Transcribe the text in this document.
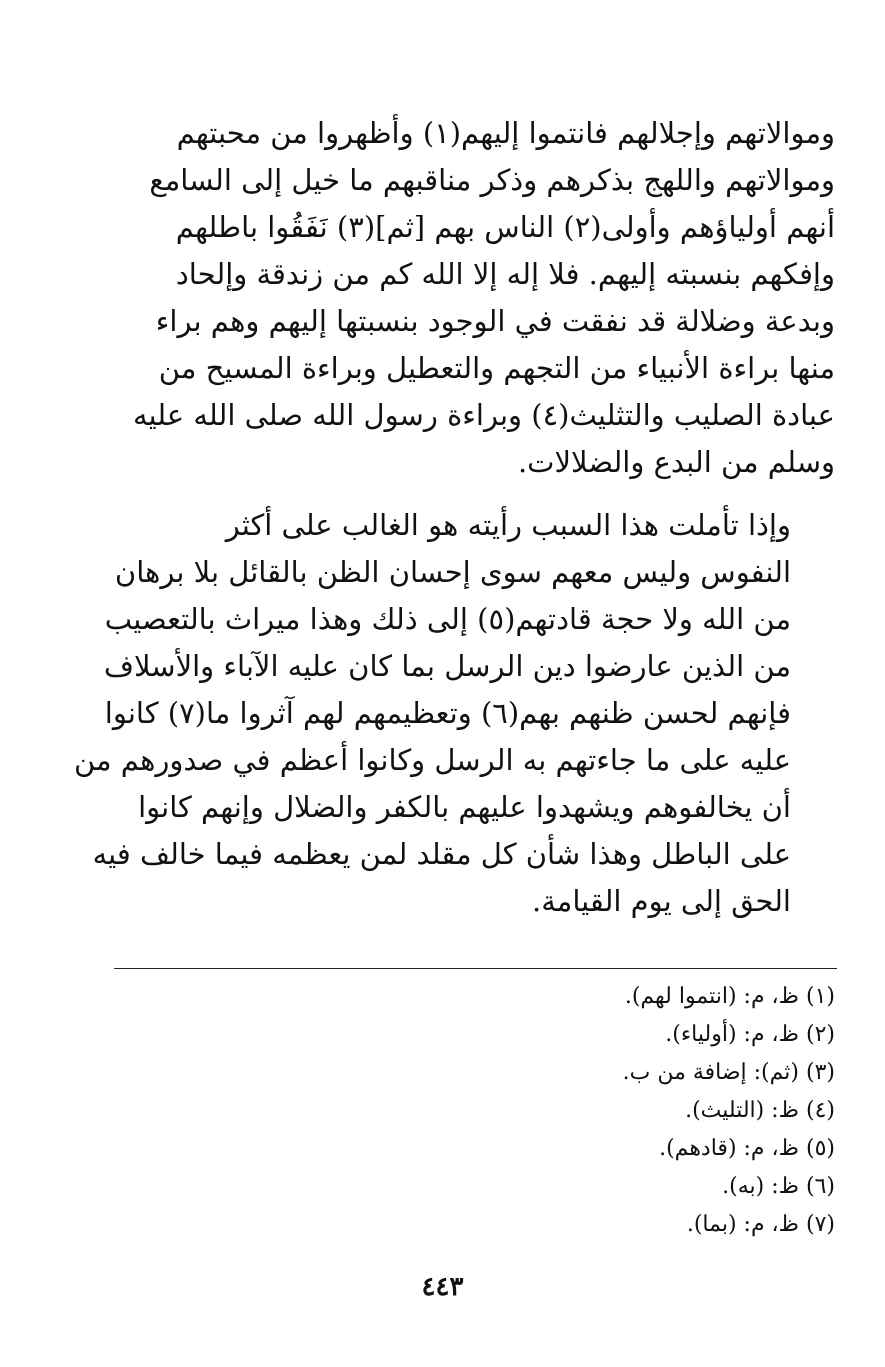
وموالاتهم وإجلالهم فانتموا إليهم(١) وأظهروا من محبتهم
وموالاتهم واللهج بذكرهم وذكر مناقبهم ما خيل إلى السامع
أنهم أولياؤهم وأولى(٢) الناس بهم [ثم](٣) نَفَقُوا باطلهم
وإفكهم بنسبته إليهم. فلا إله إلا الله كم من زندقة وإلحاد
وبدعة وضلالة قد نفقت في الوجود بنسبتها إليهم وهم براء
منها براءة الأنبياء من التجهم والتعطيل وبراءة المسيح من
عبادة الصليب والتثليث(٤) وبراءة رسول الله صلى الله عليه
وسلم من البدع والضلالات.

وإذا تأملت هذا السبب رأيته هو الغالب على أكثر
النفوس وليس معهم سوى إحسان الظن بالقائل بلا برهان
من الله ولا حجة قادتهم(٥) إلى ذلك وهذا ميراث بالتعصيب
من الذين عارضوا دين الرسل بما كان عليه الآباء والأسلاف
فإنهم لحسن ظنهم بهم(٦) وتعظيمهم لهم آثروا ما(٧) كانوا
عليه على ما جاءتهم به الرسل وكانوا أعظم في صدورهم من
أن يخالفوهم ويشهدوا عليهم بالكفر والضلال وإنهم كانوا
على الباطل وهذا شأن كل مقلد لمن يعظمه فيما خالف فيه
الحق إلى يوم القيامة.

(١) ظ، م: (انتموا لهم).
(٢) ظ، م: (أولياء).
(٣) (ثم): إضافة من ب.
(٤) ظ: (التليث).
(٥) ظ، م: (قادهم).
(٦) ظ: (به).
(٧) ظ، م: (بما).
٤٤٣
